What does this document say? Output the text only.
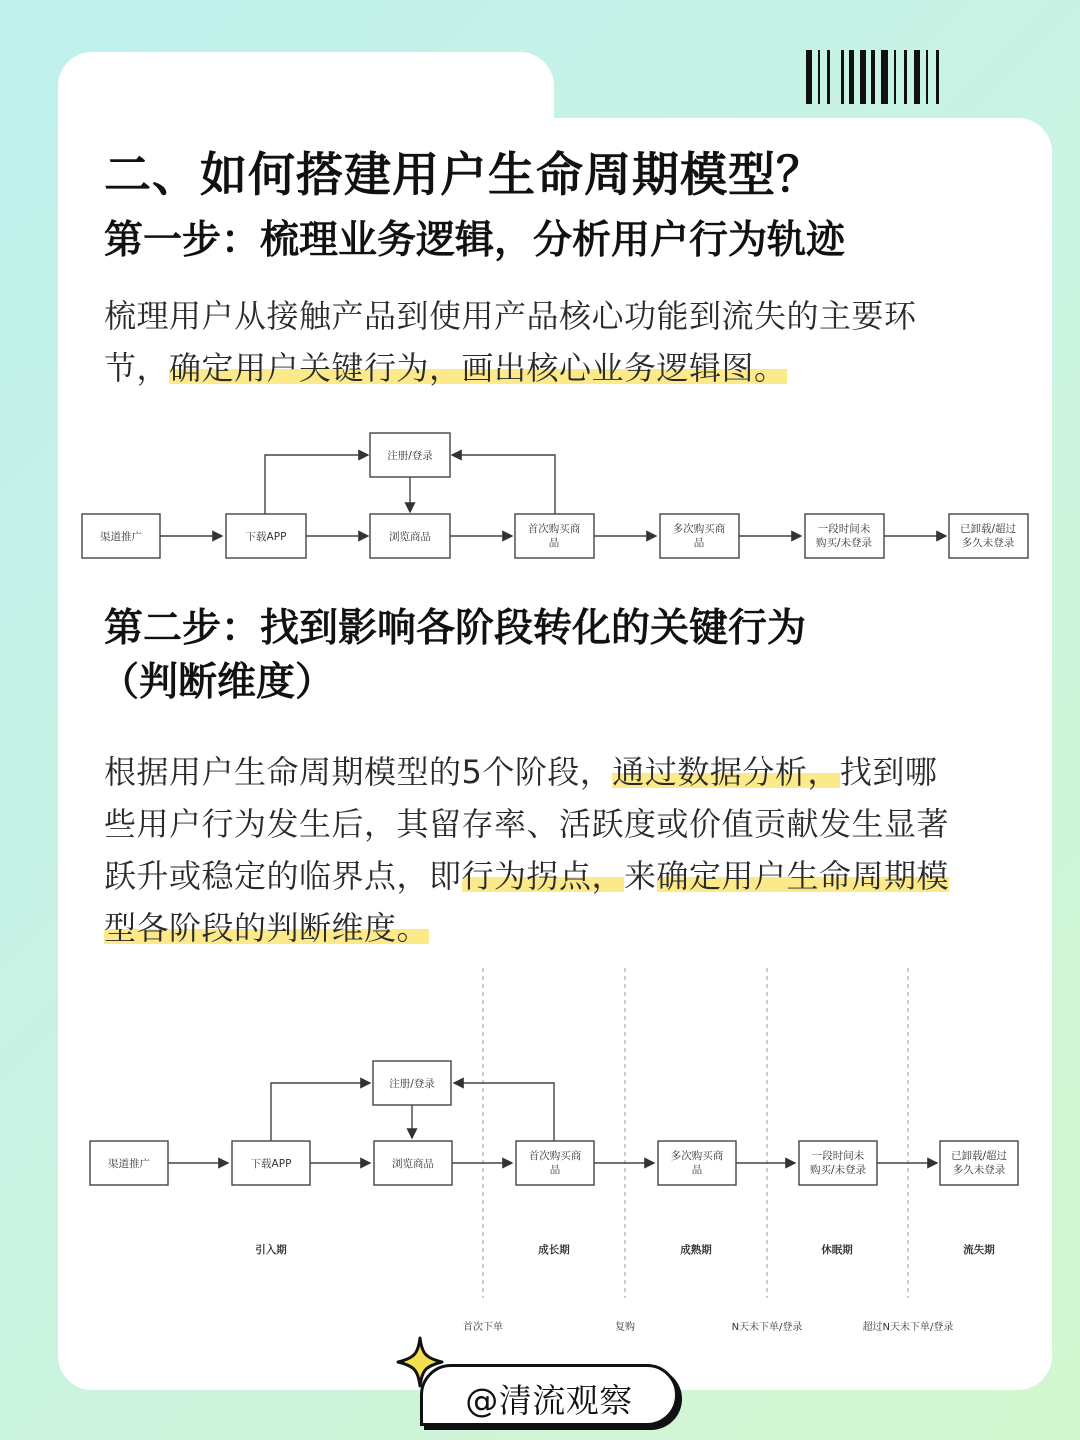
二、如何搭建用户生命周期模型？
第一步：梳理业务逻辑，分析用户行为轨迹

梳理用户从接触产品到使用产品核心功能到流失的主要环

节，确定用户关键行为，画出核心业务逻辑图。

注册/登录
渠道推广	下载APP	浏览商品
首次购买商
品
多次购买商
品
一段时间未
购买/未登录
已卸载/超过
多久未登录
第二步：找到影响各阶段转化的关键行为
（判断维度）

根据用户生命周期模型的5个阶段，通过数据分析，找到哪

些用户行为发生后，其留存率、活跃度或价值贡献发生显著

跃升或稳定的临界点，即行为拐点，来确定用户生命周期模

型各阶段的判断维度。

注册/登录
渠道推广	下载APP	浏览商品
首次购买商
品
多次购买商
品
一段时间未
购买/未登录
已卸载/超过
多久未登录
引入期	成长期	成熟期	休眠期	流失期
首次下单	复购	N天未下单/登录	超过N天未下单/登录
@清流观察
